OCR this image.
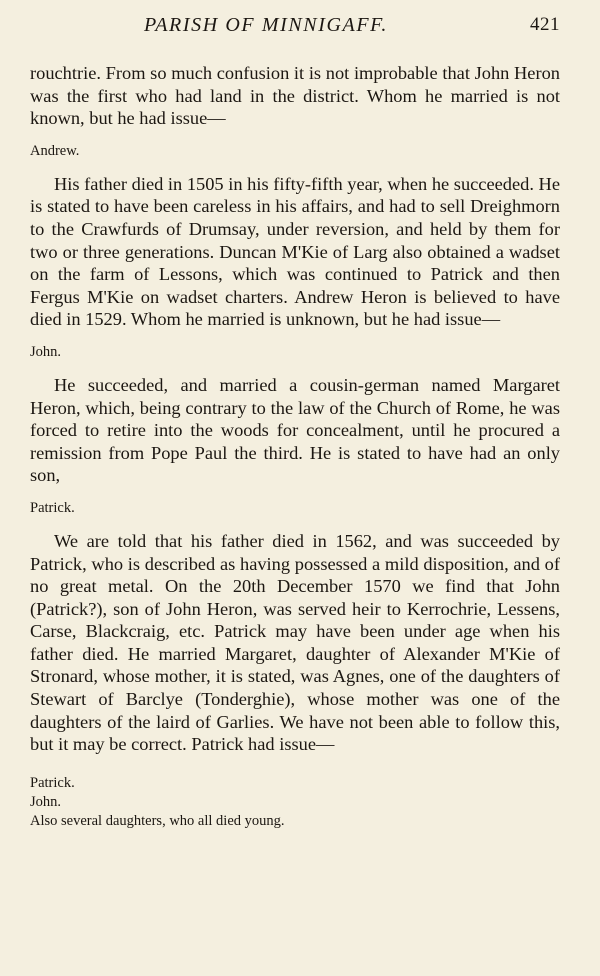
PARISH OF MINNIGAFF.	421

rouchtrie. From so much confusion it is not improbable that John Heron was the first who had land in the district. Whom he married is not known, but he had issue—

Andrew.

His father died in 1505 in his fifty-fifth year, when he succeeded. He is stated to have been careless in his affairs, and had to sell Dreighmorn to the Crawfurds of Drumsay, under reversion, and held by them for two or three generations. Duncan M'Kie of Larg also obtained a wadset on the farm of Lessons, which was continued to Patrick and then Fergus M'Kie on wadset charters. Andrew Heron is believed to have died in 1529. Whom he married is unknown, but he had issue—

John.

He succeeded, and married a cousin-german named Margaret Heron, which, being contrary to the law of the Church of Rome, he was forced to retire into the woods for concealment, until he procured a remission from Pope Paul the third. He is stated to have had an only son,

Patrick.

We are told that his father died in 1562, and was succeeded by Patrick, who is described as having possessed a mild disposition, and of no great metal. On the 20th December 1570 we find that John (Patrick?), son of John Heron, was served heir to Kerrochrie, Lessens, Carse, Blackcraig, etc. Patrick may have been under age when his father died. He married Margaret, daughter of Alexander M'Kie of Stronard, whose mother, it is stated, was Agnes, one of the daughters of Stewart of Barclye (Tonderghie), whose mother was one of the daughters of the laird of Garlies. We have not been able to follow this, but it may be correct. Patrick had issue—

Patrick.

John.

Also several daughters, who all died young.
